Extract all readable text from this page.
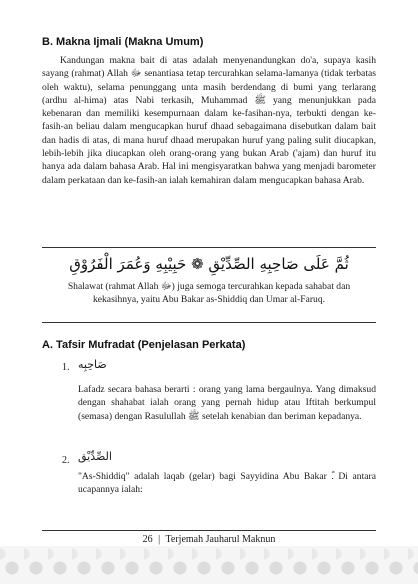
B. Makna Ijmali (Makna Umum)

Kandungan makna bait di atas adalah menyenandungkan do'a, supaya kasih sayang (rahmat) Allah ﷻ senantiasa tetap tercurahkan selama-lamanya (tidak terbatas oleh waktu), selama penunggang unta masih berdendang di bumi yang terlarang (ardhu al-hima) atas Nabi terkasih, Muhammad ﷺ yang menunjukkan pada kebenaran dan memiliki kesempurnaan dalam ke-fasihan-nya, terbukti dengan ke-fasih-an beliau dalam mengucapkan huruf dhaad sebagaimana disebutkan dalam bait dan hadis di atas, di mana huruf dhaad merupakan huruf yang paling sulit diucapkan, lebih-lebih jika diucapkan oleh orang-orang yang bukan Arab ('ajam) dan huruf itu hanya ada dalam bahasa Arab. Hal ini mengisyaratkan bahwa yang menjadi barometer dalam perkataan dan ke-fasih-an ialah kemahiran dalam mengucapkan bahasa Arab.

ثُمَّ عَلَى صَاحِبِهِ الصِّدِّيْقِ ❁ حَبِيْبِهِ وَعُمَرَ الْفَرُوْقِ

Shalawat (rahmat Allah ﷻ) juga semoga tercurahkan kepada sahabat dan kekasihnya, yaitu Abu Bakar as-Shiddiq dan Umar al-Faruq.

A. Tafsir Mufradat (Penjelasan Perkata)
1. صَاحِبِه

Lafadz secara bahasa berarti : orang yang lama bergaulnya. Yang dimaksud dengan shahabat ialah orang yang pernah hidup atau Iftitah berkumpul (semasa) dengan Rasulullah ﷺ setelah kenabian dan beriman kepadanya.

2. الصِّدِّيْق

"As-Shiddiq" adalah laqab (gelar) bagi Sayyidina Abu Bakar ؓ. Di antara ucapannya ialah:

26 | Terjemah Jauharul Maknun
